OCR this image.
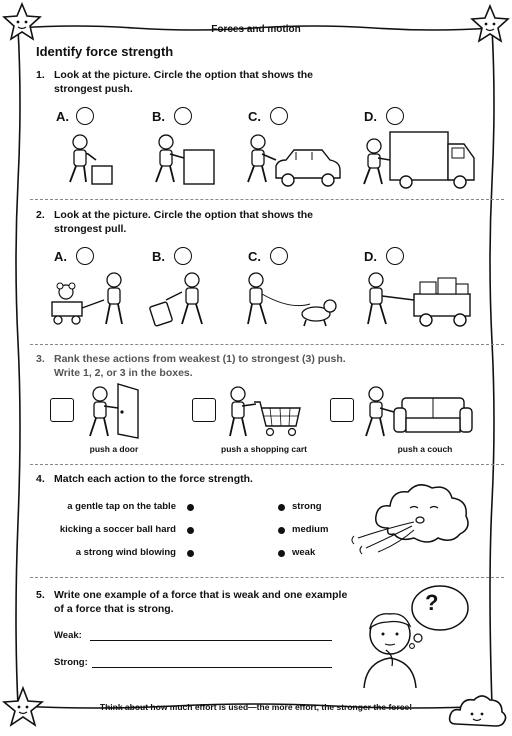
Forces and motion
Identify force strength
1. Look at the picture. Circle the option that shows the
strongest push.
A.	B.	C.	D.
2. Look at the picture. Circle the option that shows the
strongest pull.
A.	B.	C.	D.
3. Rank these actions from weakest (1) to strongest (3) push.
Write 1, 2, or 3 in the boxes.
push a door	push a shopping cart	push a couch
4. Match each action to the force strength.
a gentle tap on the table
kicking a soccer ball hard
a strong wind blowing
strong
medium
weak
5. Write one example of a force that is weak and one example
of a force that is strong.
Weak:
Strong:
?
Think about how much effort is used—the more effort, the stronger the force!
